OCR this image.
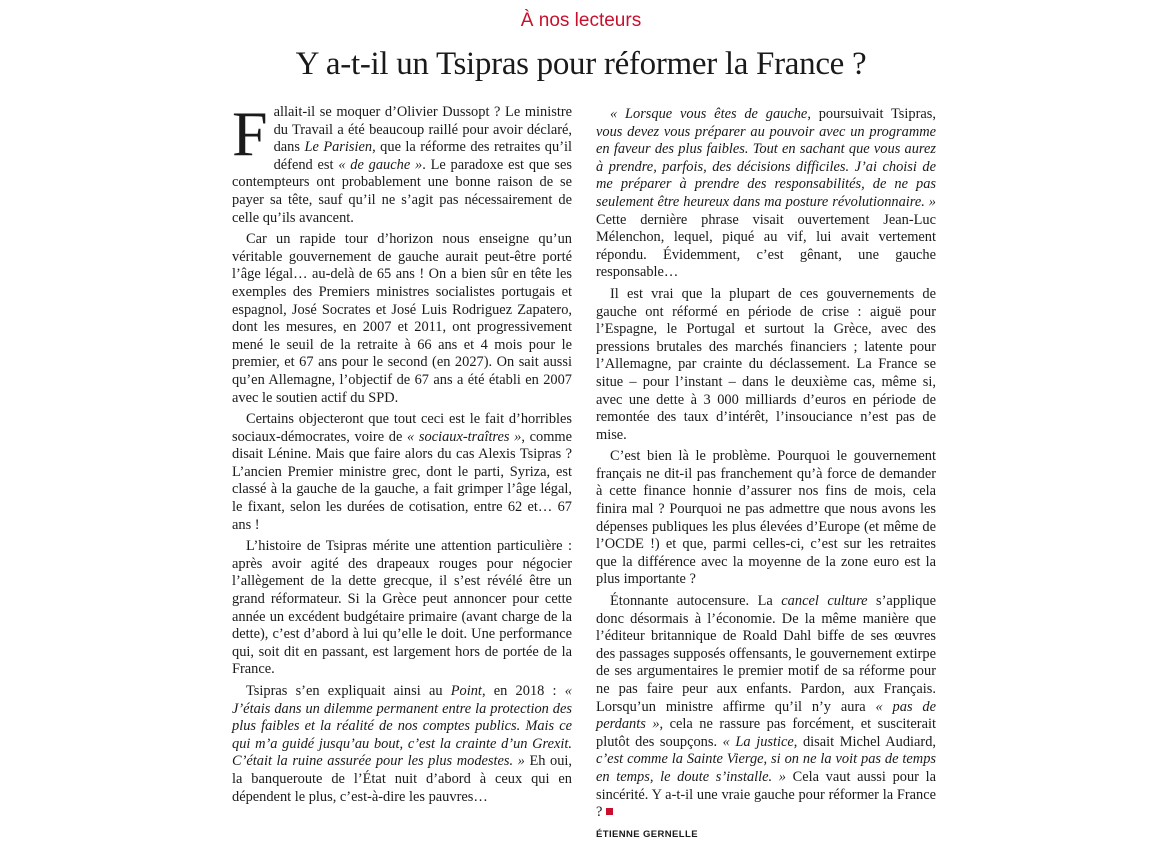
À nos lecteurs
Y a-t-il un Tsipras pour réformer la France ?

Fallait-il se moquer d’Olivier Dussopt ? Le ministre du Travail a été beaucoup raillé pour avoir déclaré, dans Le Parisien, que la réforme des retraites qu’il défend est « de gauche ». Le paradoxe est que ses contempteurs ont probablement une bonne raison de se payer sa tête, sauf qu’il ne s’agit pas nécessairement de celle qu’ils avancent.

Car un rapide tour d’horizon nous enseigne qu’un véritable gouvernement de gauche aurait peut-être porté l’âge légal… au-delà de 65 ans ! On a bien sûr en tête les exemples des Premiers ministres socialistes portugais et espagnol, José Socrates et José Luis Rodriguez Zapatero, dont les mesures, en 2007 et 2011, ont progressivement mené le seuil de la retraite à 66 ans et 4 mois pour le premier, et 67 ans pour le second (en 2027). On sait aussi qu’en Allemagne, l’objectif de 67 ans a été établi en 2007 avec le soutien actif du SPD.

Certains objecteront que tout ceci est le fait d’horribles sociaux-démocrates, voire de « sociaux-traîtres », comme disait Lénine. Mais que faire alors du cas Alexis Tsipras ? L’ancien Premier ministre grec, dont le parti, Syriza, est classé à la gauche de la gauche, a fait grimper l’âge légal, le fixant, selon les durées de cotisation, entre 62 et… 67 ans !

L’histoire de Tsipras mérite une attention particulière : après avoir agité des drapeaux rouges pour négocier l’allègement de la dette grecque, il s’est révélé être un grand réformateur. Si la Grèce peut annoncer pour cette année un excédent budgétaire primaire (avant charge de la dette), c’est d’abord à lui qu’elle le doit. Une performance qui, soit dit en passant, est largement hors de portée de la France.

Tsipras s’en expliquait ainsi au Point, en 2018 : « J’étais dans un dilemme permanent entre la protection des plus faibles et la réalité de nos comptes publics. Mais ce qui m’a guidé jusqu’au bout, c’est la crainte d’un Grexit. C’était la ruine assurée pour les plus modestes. » Eh oui, la banqueroute de l’État nuit d’abord à ceux qui en dépendent le plus, c’est-à-dire les pauvres…

« Lorsque vous êtes de gauche, poursuivait Tsipras, vous devez vous préparer au pouvoir avec un programme en faveur des plus faibles. Tout en sachant que vous aurez à prendre, parfois, des décisions difficiles. J’ai choisi de me préparer à prendre des responsabilités, de ne pas seulement être heureux dans ma posture révolutionnaire. » Cette dernière phrase visait ouvertement Jean-Luc Mélenchon, lequel, piqué au vif, lui avait vertement répondu. Évidemment, c’est gênant, une gauche responsable…

Il est vrai que la plupart de ces gouvernements de gauche ont réformé en période de crise : aiguë pour l’Espagne, le Portugal et surtout la Grèce, avec des pressions brutales des marchés financiers ; latente pour l’Allemagne, par crainte du déclassement. La France se situe – pour l’instant – dans le deuxième cas, même si, avec une dette à 3 000 milliards d’euros en période de remontée des taux d’intérêt, l’insouciance n’est pas de mise.

C’est bien là le problème. Pourquoi le gouvernement français ne dit-il pas franchement qu’à force de demander à cette finance honnie d’assurer nos fins de mois, cela finira mal ? Pourquoi ne pas admettre que nous avons les dépenses publiques les plus élevées d’Europe (et même de l’OCDE !) et que, parmi celles-ci, c’est sur les retraites que la différence avec la moyenne de la zone euro est la plus importante ?

Étonnante autocensure. La cancel culture s’applique donc désormais à l’économie. De la même manière que l’éditeur britannique de Roald Dahl biffe de ses œuvres des passages supposés offensants, le gouvernement extirpe de ses argumentaires le premier motif de sa réforme pour ne pas faire peur aux enfants. Pardon, aux Français. Lorsqu’un ministre affirme qu’il n’y aura « pas de perdants », cela ne rassure pas forcément, et susciterait plutôt des soupçons. « La justice, disait Michel Audiard, c’est comme la Sainte Vierge, si on ne la voit pas de temps en temps, le doute s’installe. » Cela vaut aussi pour la sincérité. Y a-t-il une vraie gauche pour réformer la France ?

ÉTIENNE GERNELLE
